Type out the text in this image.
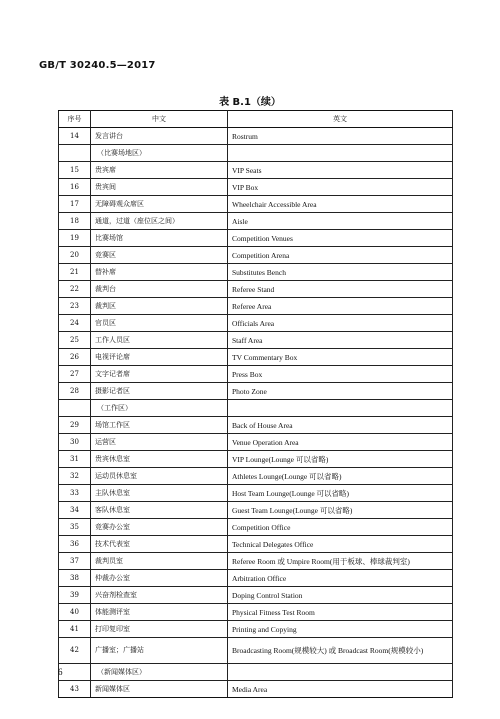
GB/T 30240.5—2017
表 B.1（续）
序号	中文	英文
14	发言讲台	Rostrum
	（比赛场地区）	
15	贵宾席	VIP Seats
16	贵宾间	VIP Box
17	无障碍观众席区	Wheelchair Accessible Area
18	通道，过道（座位区之间）	Aisle
19	比赛场馆	Competition Venues
20	竞赛区	Competition Arena
21	替补席	Substitutes Bench
22	裁判台	Referee Stand
23	裁判区	Referee Area
24	官员区	Officials Area
25	工作人员区	Staff Area
26	电视评论席	TV Commentary Box
27	文字记者席	Press Box
28	摄影记者区	Photo Zone
	（工作区）	
29	场馆工作区	Back of House Area
30	运营区	Venue Operation Area
31	贵宾休息室	VIP Lounge(Lounge 可以省略)
32	运动员休息室	Athletes Lounge(Lounge 可以省略)
33	主队休息室	Host Team Lounge(Lounge 可以省略)
34	客队休息室	Guest Team Lounge(Lounge 可以省略)
35	竞赛办公室	Competition Office
36	技术代表室	Technical Delegates Office
37	裁判员室	Referee Room 或 Umpire Room(用于板球、棒球裁判室)
38	仲裁办公室	Arbitration Office
39	兴奋剂检查室	Doping Control Station
40	体能测评室	Physical Fitness Test Room
41	打印复印室	Printing and Copying
42	广播室；广播站	Broadcasting Room(规模较大) 或 Broadcast Room(规模较小)
	（新闻媒体区）	
43	新闻媒体区	Media Area
6
